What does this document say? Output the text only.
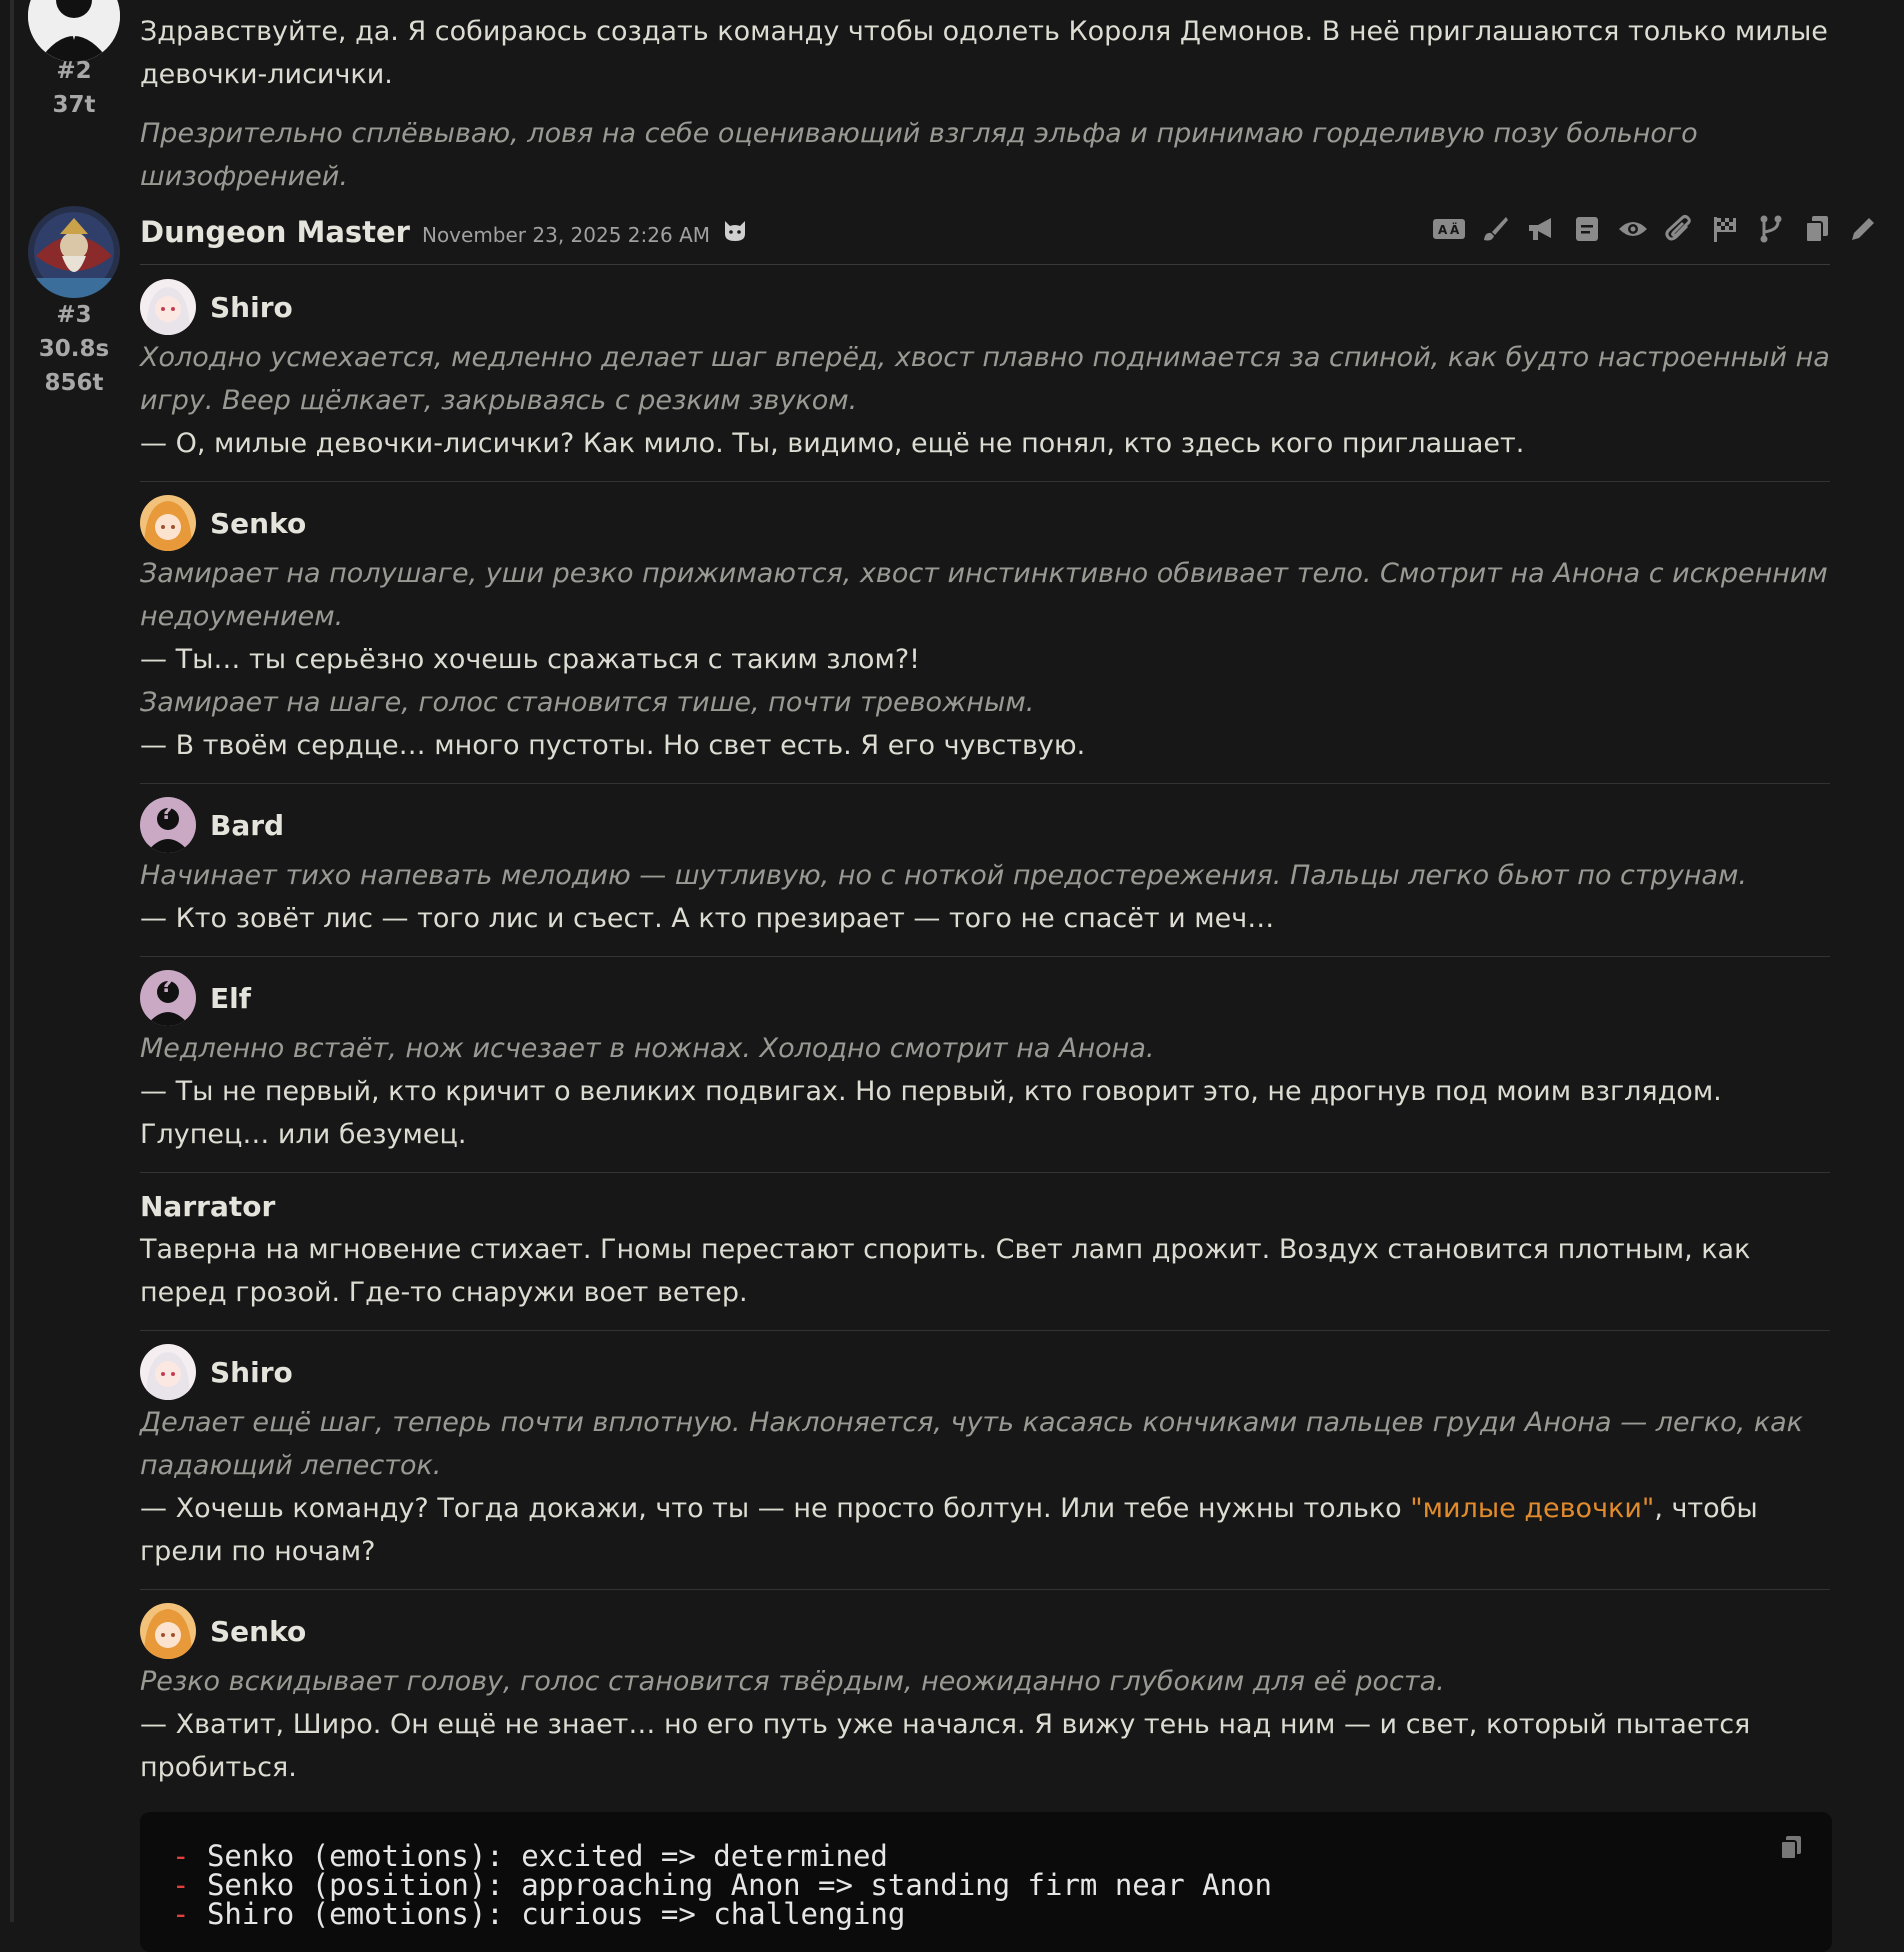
#2
37t
Здравствуйте, да. Я собираюсь создать команду чтобы одолеть Короля Демонов. В неё приглашаются только милые девочки-лисички.
Презрительно сплёвываю, ловя на себе оценивающий взгляд эльфа и принимаю горделивую позу больного шизофренией.
#3
30.8s
856t
Dungeon Master November 23, 2025 2:26 AM	A Ä
Shiro
Холодно усмехается, медленно делает шаг вперёд, хвост плавно поднимается за спиной, как будто настроенный на игру. Веер щёлкает, закрываясь с резким звуком.
— О, милые девочки-лисички? Как мило. Ты, видимо, ещё не понял, кто здесь кого приглашает.
Senko
Замирает на полушаге, уши резко прижимаются, хвост инстинктивно обвивает тело. Смотрит на Анона с искренним недоумением.
— Ты… ты серьёзно хочешь сражаться с таким злом?!
Замирает на шаге, голос становится тише, почти тревожным.
— В твоём сердце… много пустоты. Но свет есть. Я его чувствую.
? Bard
Начинает тихо напевать мелодию — шутливую, но с ноткой предостережения. Пальцы легко бьют по струнам.
— Кто зовёт лис — того лис и съест. А кто презирает — того не спасёт и меч…
? Elf
Медленно встаёт, нож исчезает в ножнах. Холодно смотрит на Анона.
— Ты не первый, кто кричит о великих подвигах. Но первый, кто говорит это, не дрогнув под моим взглядом. Глупец… или безумец.
Narrator
Таверна на мгновение стихает. Гномы перестают спорить. Свет ламп дрожит. Воздух становится плотным, как перед грозой. Где-то снаружи воет ветер.
Shiro
Делает ещё шаг, теперь почти вплотную. Наклоняется, чуть касаясь кончиками пальцев груди Анона — легко, как падающий лепесток.
— Хочешь команду? Тогда докажи, что ты — не просто болтун. Или тебе нужны только "милые девочки", чтобы грели по ночам?
Senko
Резко вскидывает голову, голос становится твёрдым, неожиданно глубоким для её роста.
— Хватит, Широ. Он ещё не знает… но его путь уже начался. Я вижу тень над ним — и свет, который пытается пробиться.
- Senko (emotions): excited => determined
- Senko (position): approaching Anon => standing firm near Anon
- Shiro (emotions): curious => challenging
